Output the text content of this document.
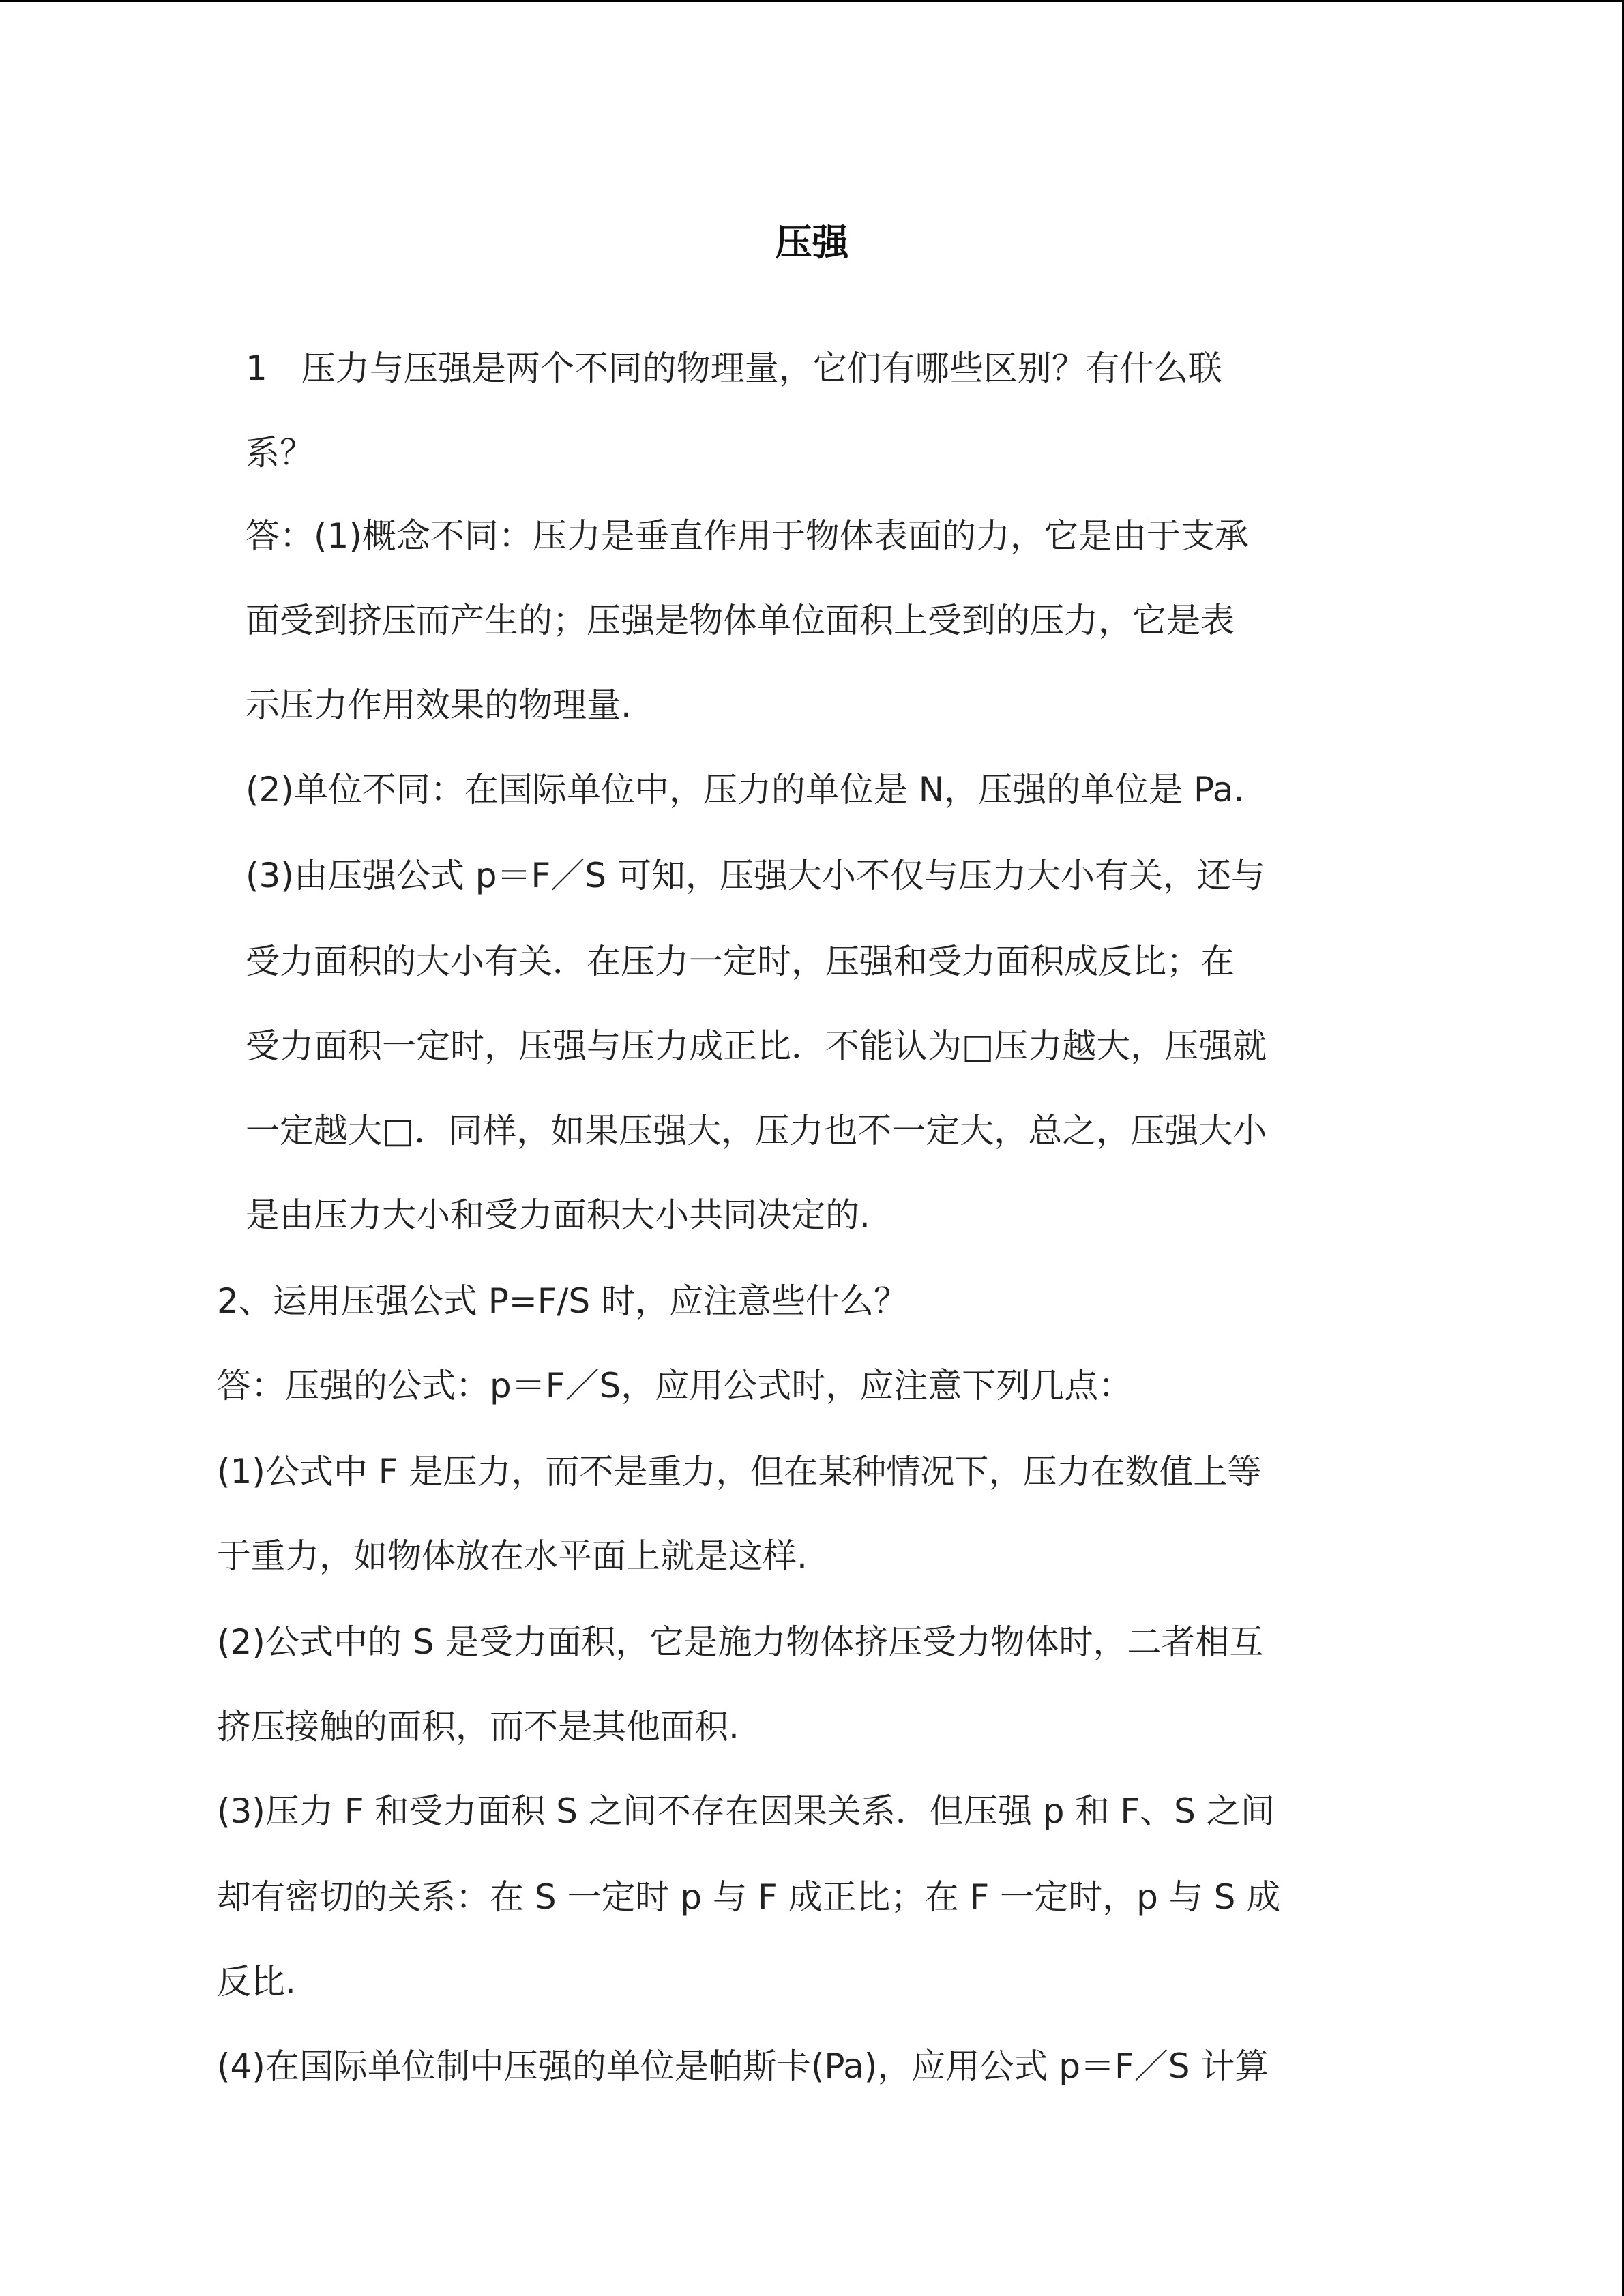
压强
1　压力与压强是两个不同的物理量，它们有哪些区别？有什么联
系？
答：(1)概念不同：压力是垂直作用于物体表面的力，它是由于支承
面受到挤压而产生的；压强是物体单位面积上受到的压力，它是表
示压力作用效果的物理量.
(2)单位不同：在国际单位中，压力的单位是 N，压强的单位是 Pa.
(3)由压强公式 p＝F／S 可知，压强大小不仅与压力大小有关，还与
受力面积的大小有关．在压力一定时，压强和受力面积成反比；在
受力面积一定时，压强与压力成正比．不能认为□压力越大，压强就
一定越大□．同样，如果压强大，压力也不一定大，总之，压强大小
是由压力大小和受力面积大小共同决定的.
2、运用压强公式 P=F/S 时，应注意些什么？
答：压强的公式：p＝F／S，应用公式时，应注意下列几点：
(1)公式中 F 是压力，而不是重力，但在某种情况下，压力在数值上等
于重力，如物体放在水平面上就是这样.
(2)公式中的 S 是受力面积，它是施力物体挤压受力物体时，二者相互
挤压接触的面积，而不是其他面积.
(3)压力 F 和受力面积 S 之间不存在因果关系．但压强 p 和 F、S 之间
却有密切的关系：在 S 一定时 p 与 F 成正比；在 F 一定时，p 与 S 成
反比.
(4)在国际单位制中压强的单位是帕斯卡(Pa)，应用公式 p＝F／S 计算
